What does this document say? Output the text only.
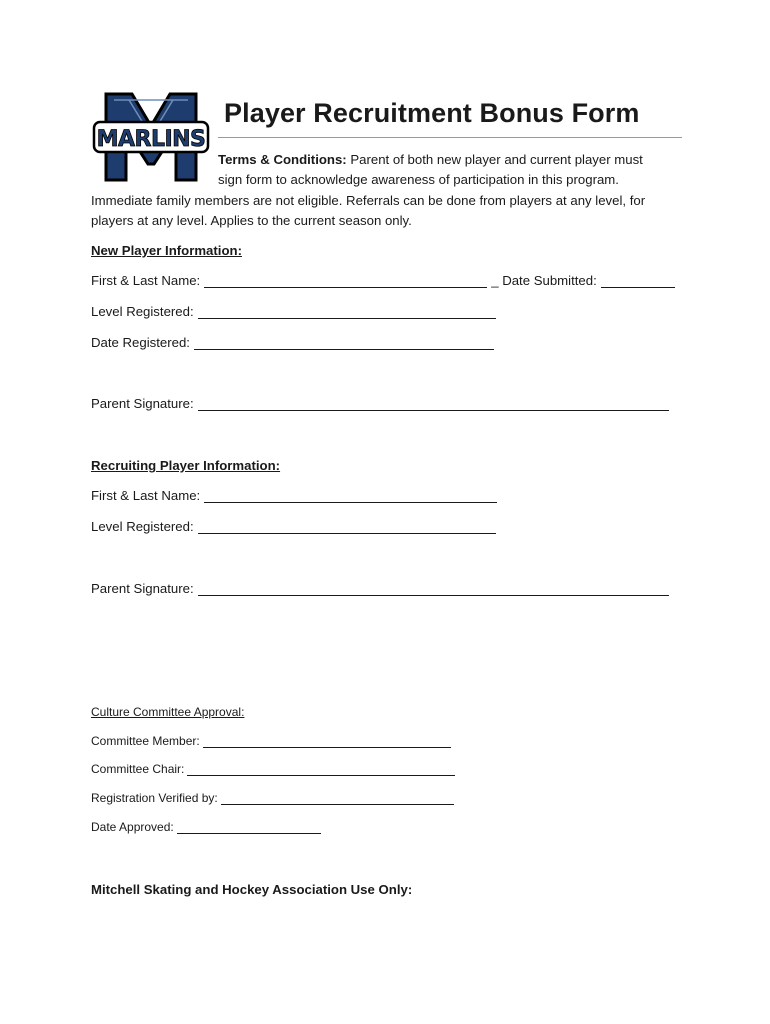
MARLINS
Player Recruitment Bonus Form
Terms & Conditions: Parent of both new player and current player must
sign form to acknowledge awareness of participation in this program.
Immediate family members are not eligible. Referrals can be done from players at any level, for
players at any level. Applies to the current season only.
New Player Information:
First & Last Name:	_ Date Submitted:
Level Registered:
Date Registered:
Parent Signature:
Recruiting Player Information:
First & Last Name:
Level Registered:
Parent Signature:
Culture Committee Approval:
Committee Member:
Committee Chair:
Registration Verified by:
Date Approved:
Mitchell Skating and Hockey Association Use Only:
